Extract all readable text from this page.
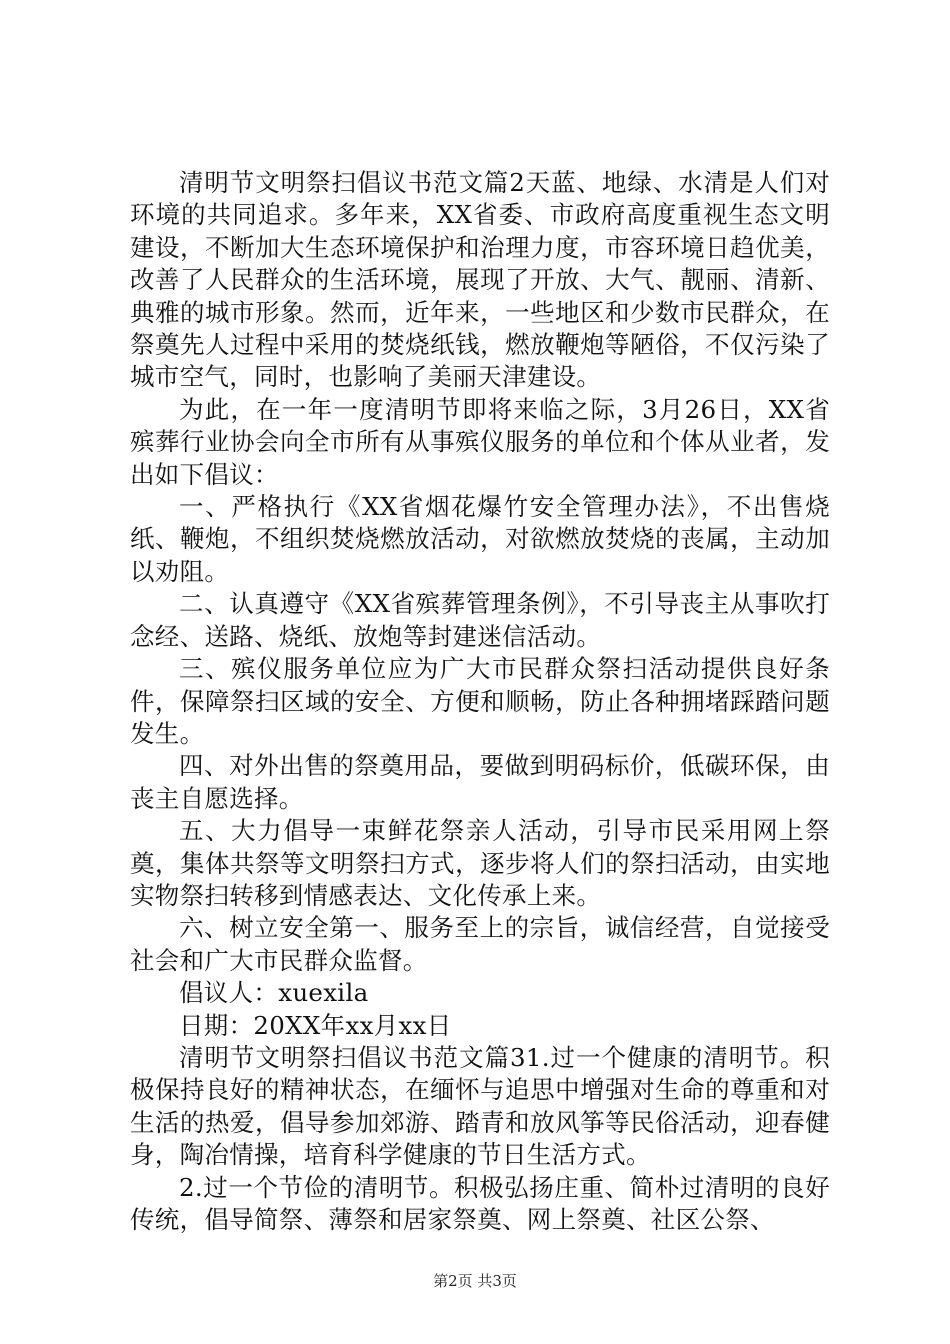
清明节文明祭扫倡议书范文篇2天蓝、地绿、水清是人们对环境的共同追求。多年来，XX省委、市政府高度重视生态文明建设，不断加大生态环境保护和治理力度，市容环境日趋优美，改善了人民群众的生活环境，展现了开放、大气、靓丽、清新、典雅的城市形象。然而，近年来，一些地区和少数市民群众，在祭奠先人过程中采用的焚烧纸钱，燃放鞭炮等陋俗，不仅污染了城市空气，同时，也影响了美丽天津建设。

为此，在一年一度清明节即将来临之际，3月26日，XX省殡葬行业协会向全市所有从事殡仪服务的单位和个体从业者，发出如下倡议：

一、严格执行《XX省烟花爆竹安全管理办法》，不出售烧纸、鞭炮，不组织焚烧燃放活动，对欲燃放焚烧的丧属，主动加以劝阻。

二、认真遵守《XX省殡葬管理条例》，不引导丧主从事吹打念经、送路、烧纸、放炮等封建迷信活动。

三、殡仪服务单位应为广大市民群众祭扫活动提供良好条件，保障祭扫区域的安全、方便和顺畅，防止各种拥堵踩踏问题发生。

四、对外出售的祭奠用品，要做到明码标价，低碳环保，由丧主自愿选择。

五、大力倡导一束鲜花祭亲人活动，引导市民采用网上祭奠，集体共祭等文明祭扫方式，逐步将人们的祭扫活动，由实地实物祭扫转移到情感表达、文化传承上来。

六、树立安全第一、服务至上的宗旨，诚信经营，自觉接受社会和广大市民群众监督。

倡议人：xuexila

日期：20XX年xx月xx日

清明节文明祭扫倡议书范文篇31.过一个健康的清明节。积极保持良好的精神状态，在缅怀与追思中增强对生命的尊重和对生活的热爱，倡导参加郊游、踏青和放风筝等民俗活动，迎春健身，陶冶情操，培育科学健康的节日生活方式。

2.过一个节俭的清明节。积极弘扬庄重、简朴过清明的良好传统，倡导简祭、薄祭和居家祭奠、网上祭奠、社区公祭、

第2页 共3页
